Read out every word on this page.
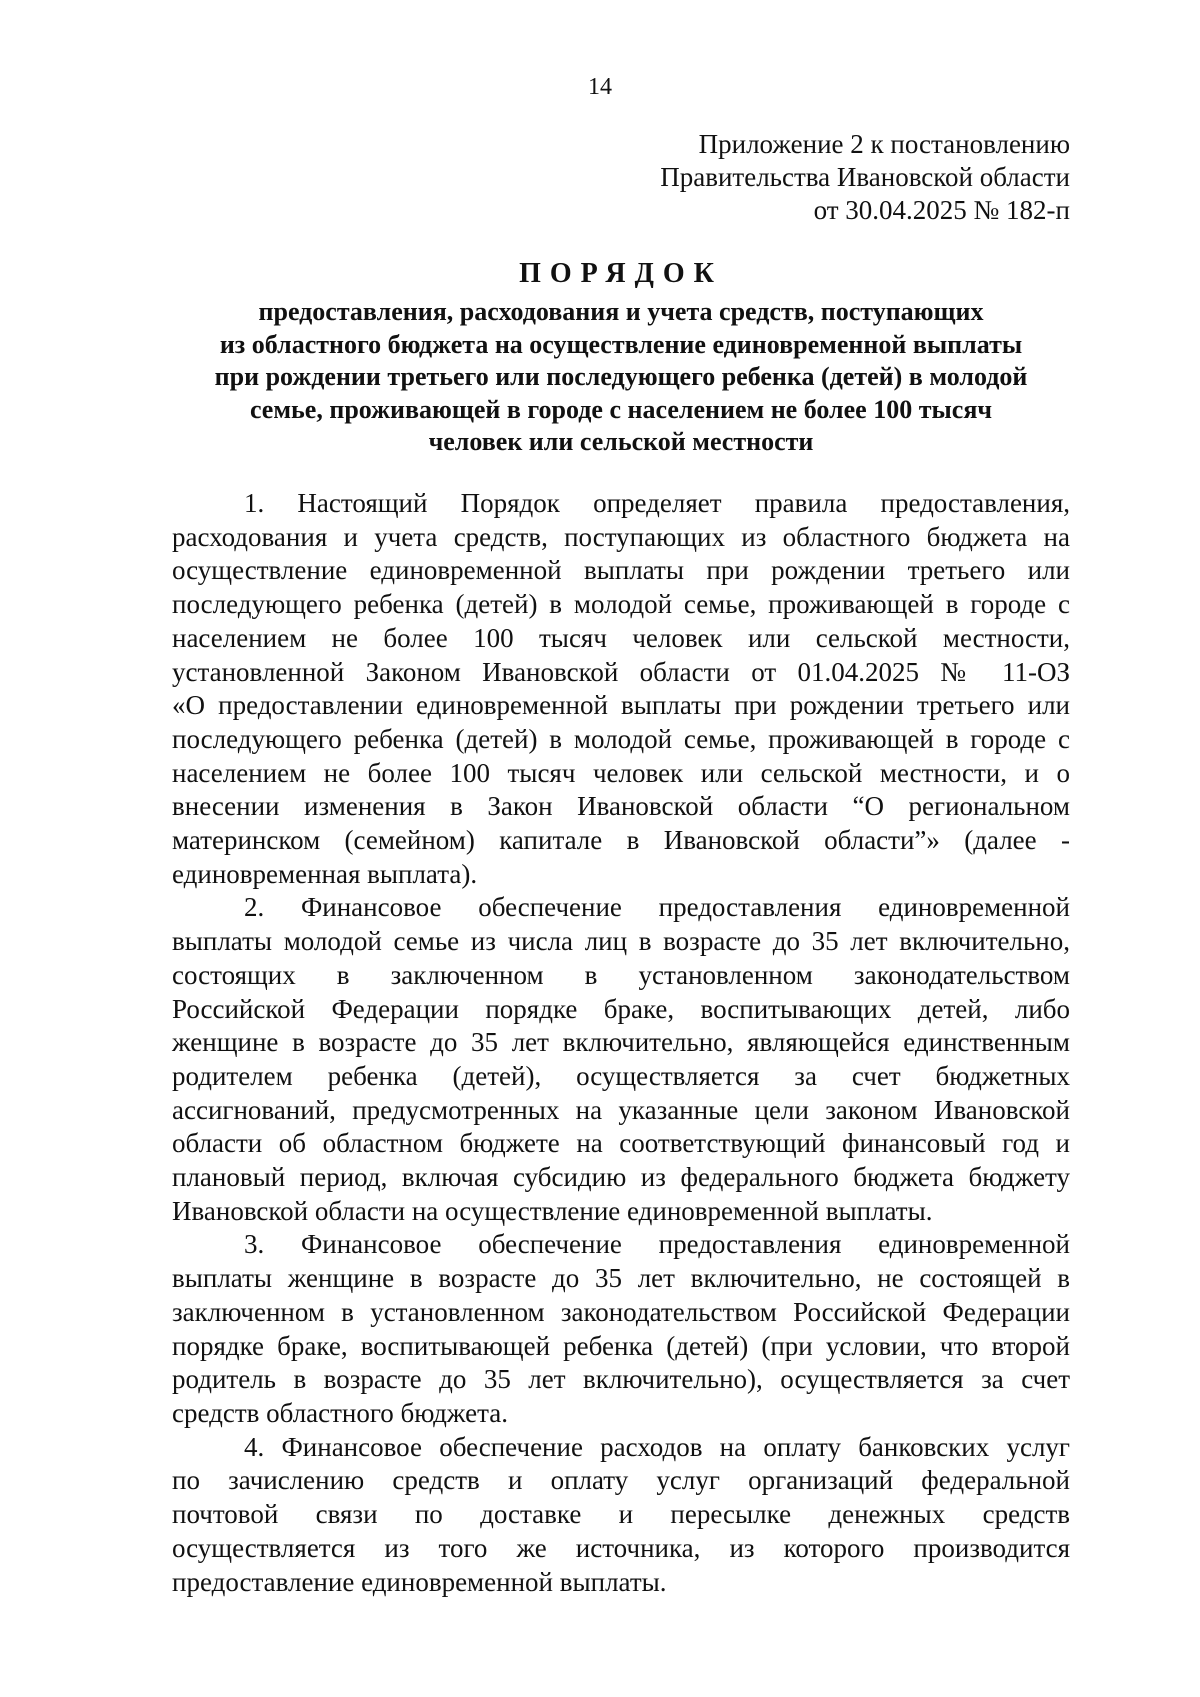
14
Приложение 2 к постановлению
Правительства Ивановской области
от 30.04.2025 № 182-п
ПОРЯДОК
предоставления, расходования и учета средств, поступающих
из областного бюджета на осуществление единовременной выплаты
при рождении третьего или последующего ребенка (детей) в молодой
семье, проживающей в городе с населением не более 100 тысяч
человек или сельской местности
1. Настоящий Порядок определяет правила предоставления,
расходования и учета средств, поступающих из областного бюджета на
осуществление единовременной выплаты при рождении третьего или
последующего ребенка (детей) в молодой семье, проживающей в городе с
населением не более 100 тысяч человек или сельской местности,
установленной Законом Ивановской области от 01.04.2025 № 11-ОЗ
«О предоставлении единовременной выплаты при рождении третьего или
последующего ребенка (детей) в молодой семье, проживающей в городе с
населением не более 100 тысяч человек или сельской местности, и о
внесении изменения в Закон Ивановской области “О региональном
материнском (семейном) капитале в Ивановской области”» (далее -
единовременная выплата).
2. Финансовое обеспечение предоставления единовременной
выплаты молодой семье из числа лиц в возрасте до 35 лет включительно,
состоящих в заключенном в установленном законодательством
Российской Федерации порядке браке, воспитывающих детей, либо
женщине в возрасте до 35 лет включительно, являющейся единственным
родителем ребенка (детей), осуществляется за счет бюджетных
ассигнований, предусмотренных на указанные цели законом Ивановской
области об областном бюджете на соответствующий финансовый год и
плановый период, включая субсидию из федерального бюджета бюджету
Ивановской области на осуществление единовременной выплаты.
3. Финансовое обеспечение предоставления единовременной
выплаты женщине в возрасте до 35 лет включительно, не состоящей в
заключенном в установленном законодательством Российской Федерации
порядке браке, воспитывающей ребенка (детей) (при условии, что второй
родитель в возрасте до 35 лет включительно), осуществляется за счет
средств областного бюджета.
4. Финансовое обеспечение расходов на оплату банковских услуг
по зачислению средств и оплату услуг организаций федеральной
почтовой связи по доставке и пересылке денежных средств
осуществляется из того же источника, из которого производится
предоставление единовременной выплаты.
